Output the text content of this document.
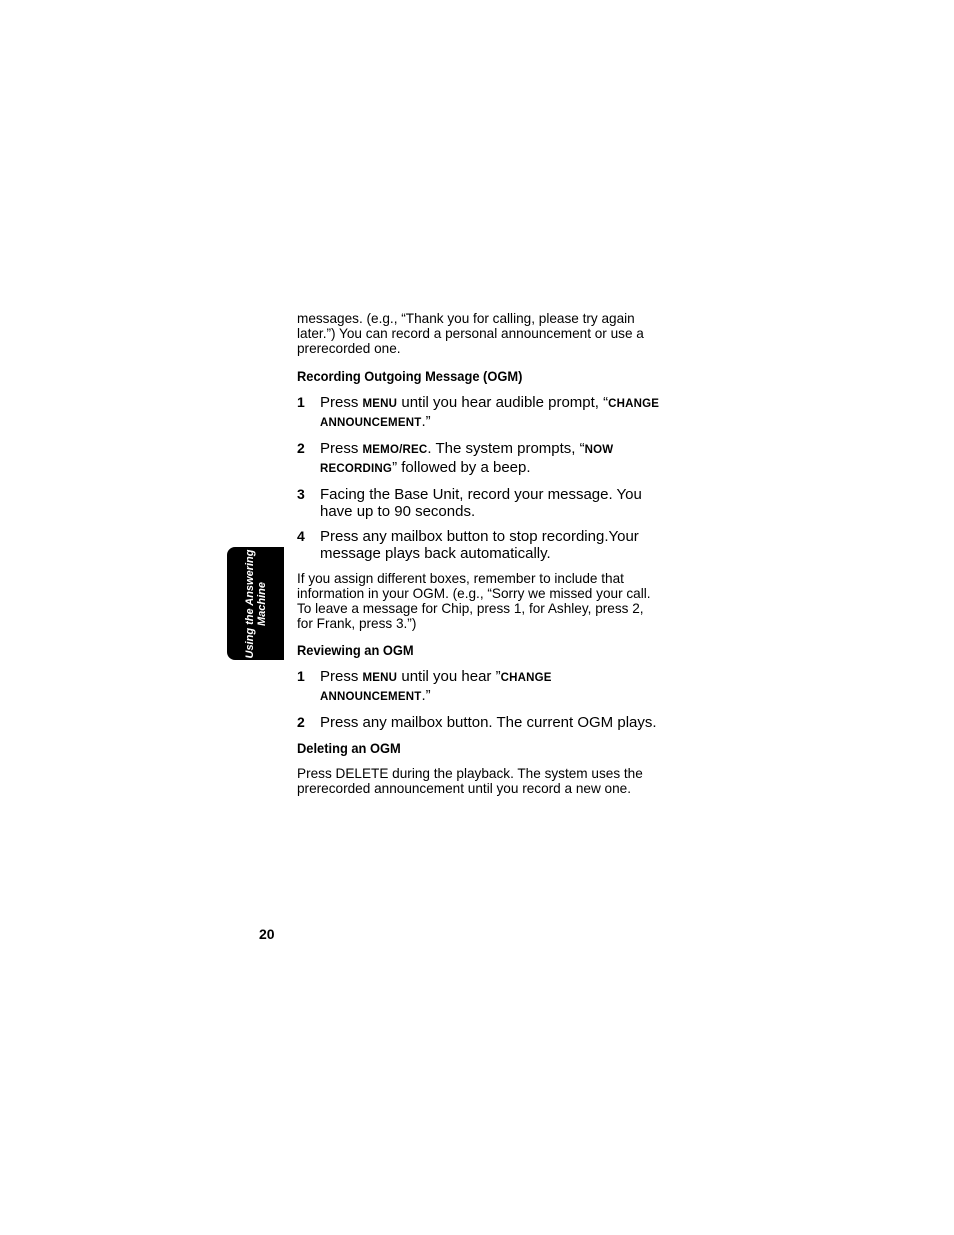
Using the Answering Machine

messages. (e.g., “Thank you for calling, please try again later.”) You can record a personal announcement or use a prerecorded one.

Recording Outgoing Message (OGM)
1 Press MENU until you hear audible prompt, “CHANGE ANNOUNCEMENT.”
2 Press MEMO/REC. The system prompts, “NOW RECORDING” followed by a beep.
3 Facing the Base Unit, record your message. You have up to 90 seconds.
4 Press any mailbox button to stop recording.Your message plays back automatically.

If you assign different boxes, remember to include that information in your OGM. (e.g., “Sorry we missed your call. To leave a message for Chip, press 1, for Ashley, press 2, for Frank, press 3.”)

Reviewing an OGM
1 Press MENU until you hear ”CHANGE ANNOUNCEMENT.”
2 Press any mailbox button. The current OGM plays.
Deleting an OGM

Press DELETE during the playback. The system uses the prerecorded announcement until you record a new one.

20
